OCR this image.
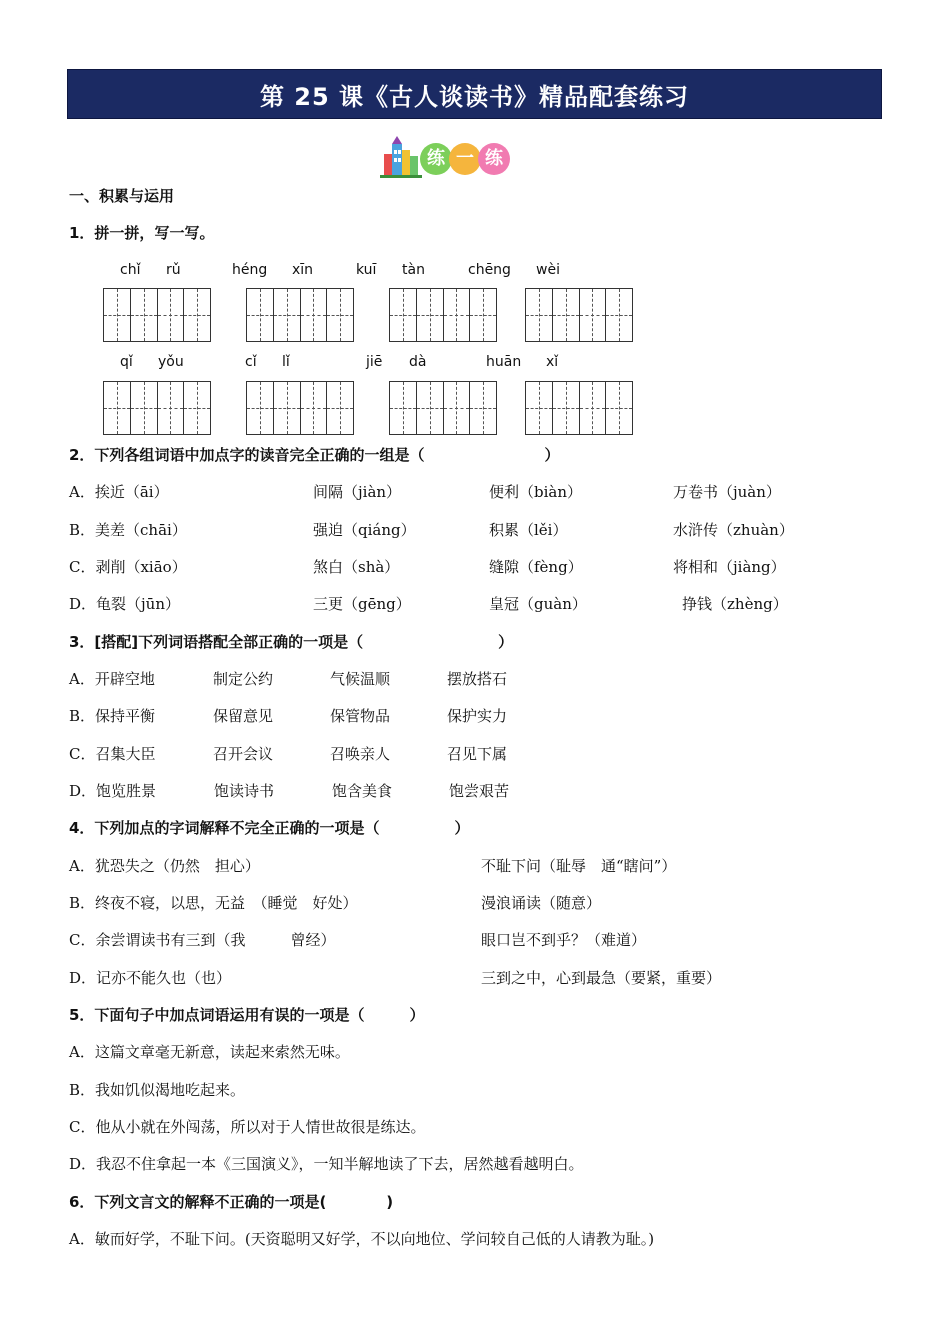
第 25 课《古人谈读书》精品配套练习
练 一 练
一、积累与运用
1．拼一拼，写一写。
chǐ rǔ	héng xīn	kuī tàn	chēng wèi
qǐ yǒu	cǐ lǐ	jiē dà	huān xǐ
2．下列各组词语中加点字的读音完全正确的一组是（　　　　　　　　）
A．挨近（āi）	间隔（jiàn）	便利（biàn）	万卷书（juàn）
B．美差（chāi）	强迫（qiáng）	积累（lěi）	水浒传（zhuàn）
C．剥削（xiāo）	煞白（shà）	缝隙（fèng）	将相和（jiàng）
D．龟裂（jūn）	三更（gēng）	皇冠（guàn）	挣钱（zhèng）
3．[搭配]下列词语搭配全部正确的一项是（　　　　　　　　　）
A．开辟空地	制定公约	气候温顺	摆放搭石
B．保持平衡	保留意见	保管物品	保护实力
C．召集大臣	召开会议	召唤亲人	召见下属
D．饱览胜景	饱读诗书	饱含美食	饱尝艰苦
4．下列加点的字词解释不完全正确的一项是（　　　　　）
A．犹恐失之（仍然　担心）	不耻下问（耻辱　通“瞎问”）
B．终夜不寝，以思，无益　（睡觉　好处）	漫浪诵读（随意）
C．余尝谓读书有三到（我　　　曾经）	眼口岂不到乎？（难道）
D．记亦不能久也（也）	三到之中，心到最急（要紧，重要）
5．下面句子中加点词语运用有误的一项是（　　　）
A．这篇文章毫无新意，读起来索然无味。
B．我如饥似渴地吃起来。
C．他从小就在外闯荡，所以对于人情世故很是练达。
D．我忍不住拿起一本《三国演义》，一知半解地读了下去，居然越看越明白。
6．下列文言文的解释不正确的一项是(　　　　)
A．敏而好学，不耻下问。(天资聪明又好学，不以向地位、学问较自己低的人请教为耻。)
